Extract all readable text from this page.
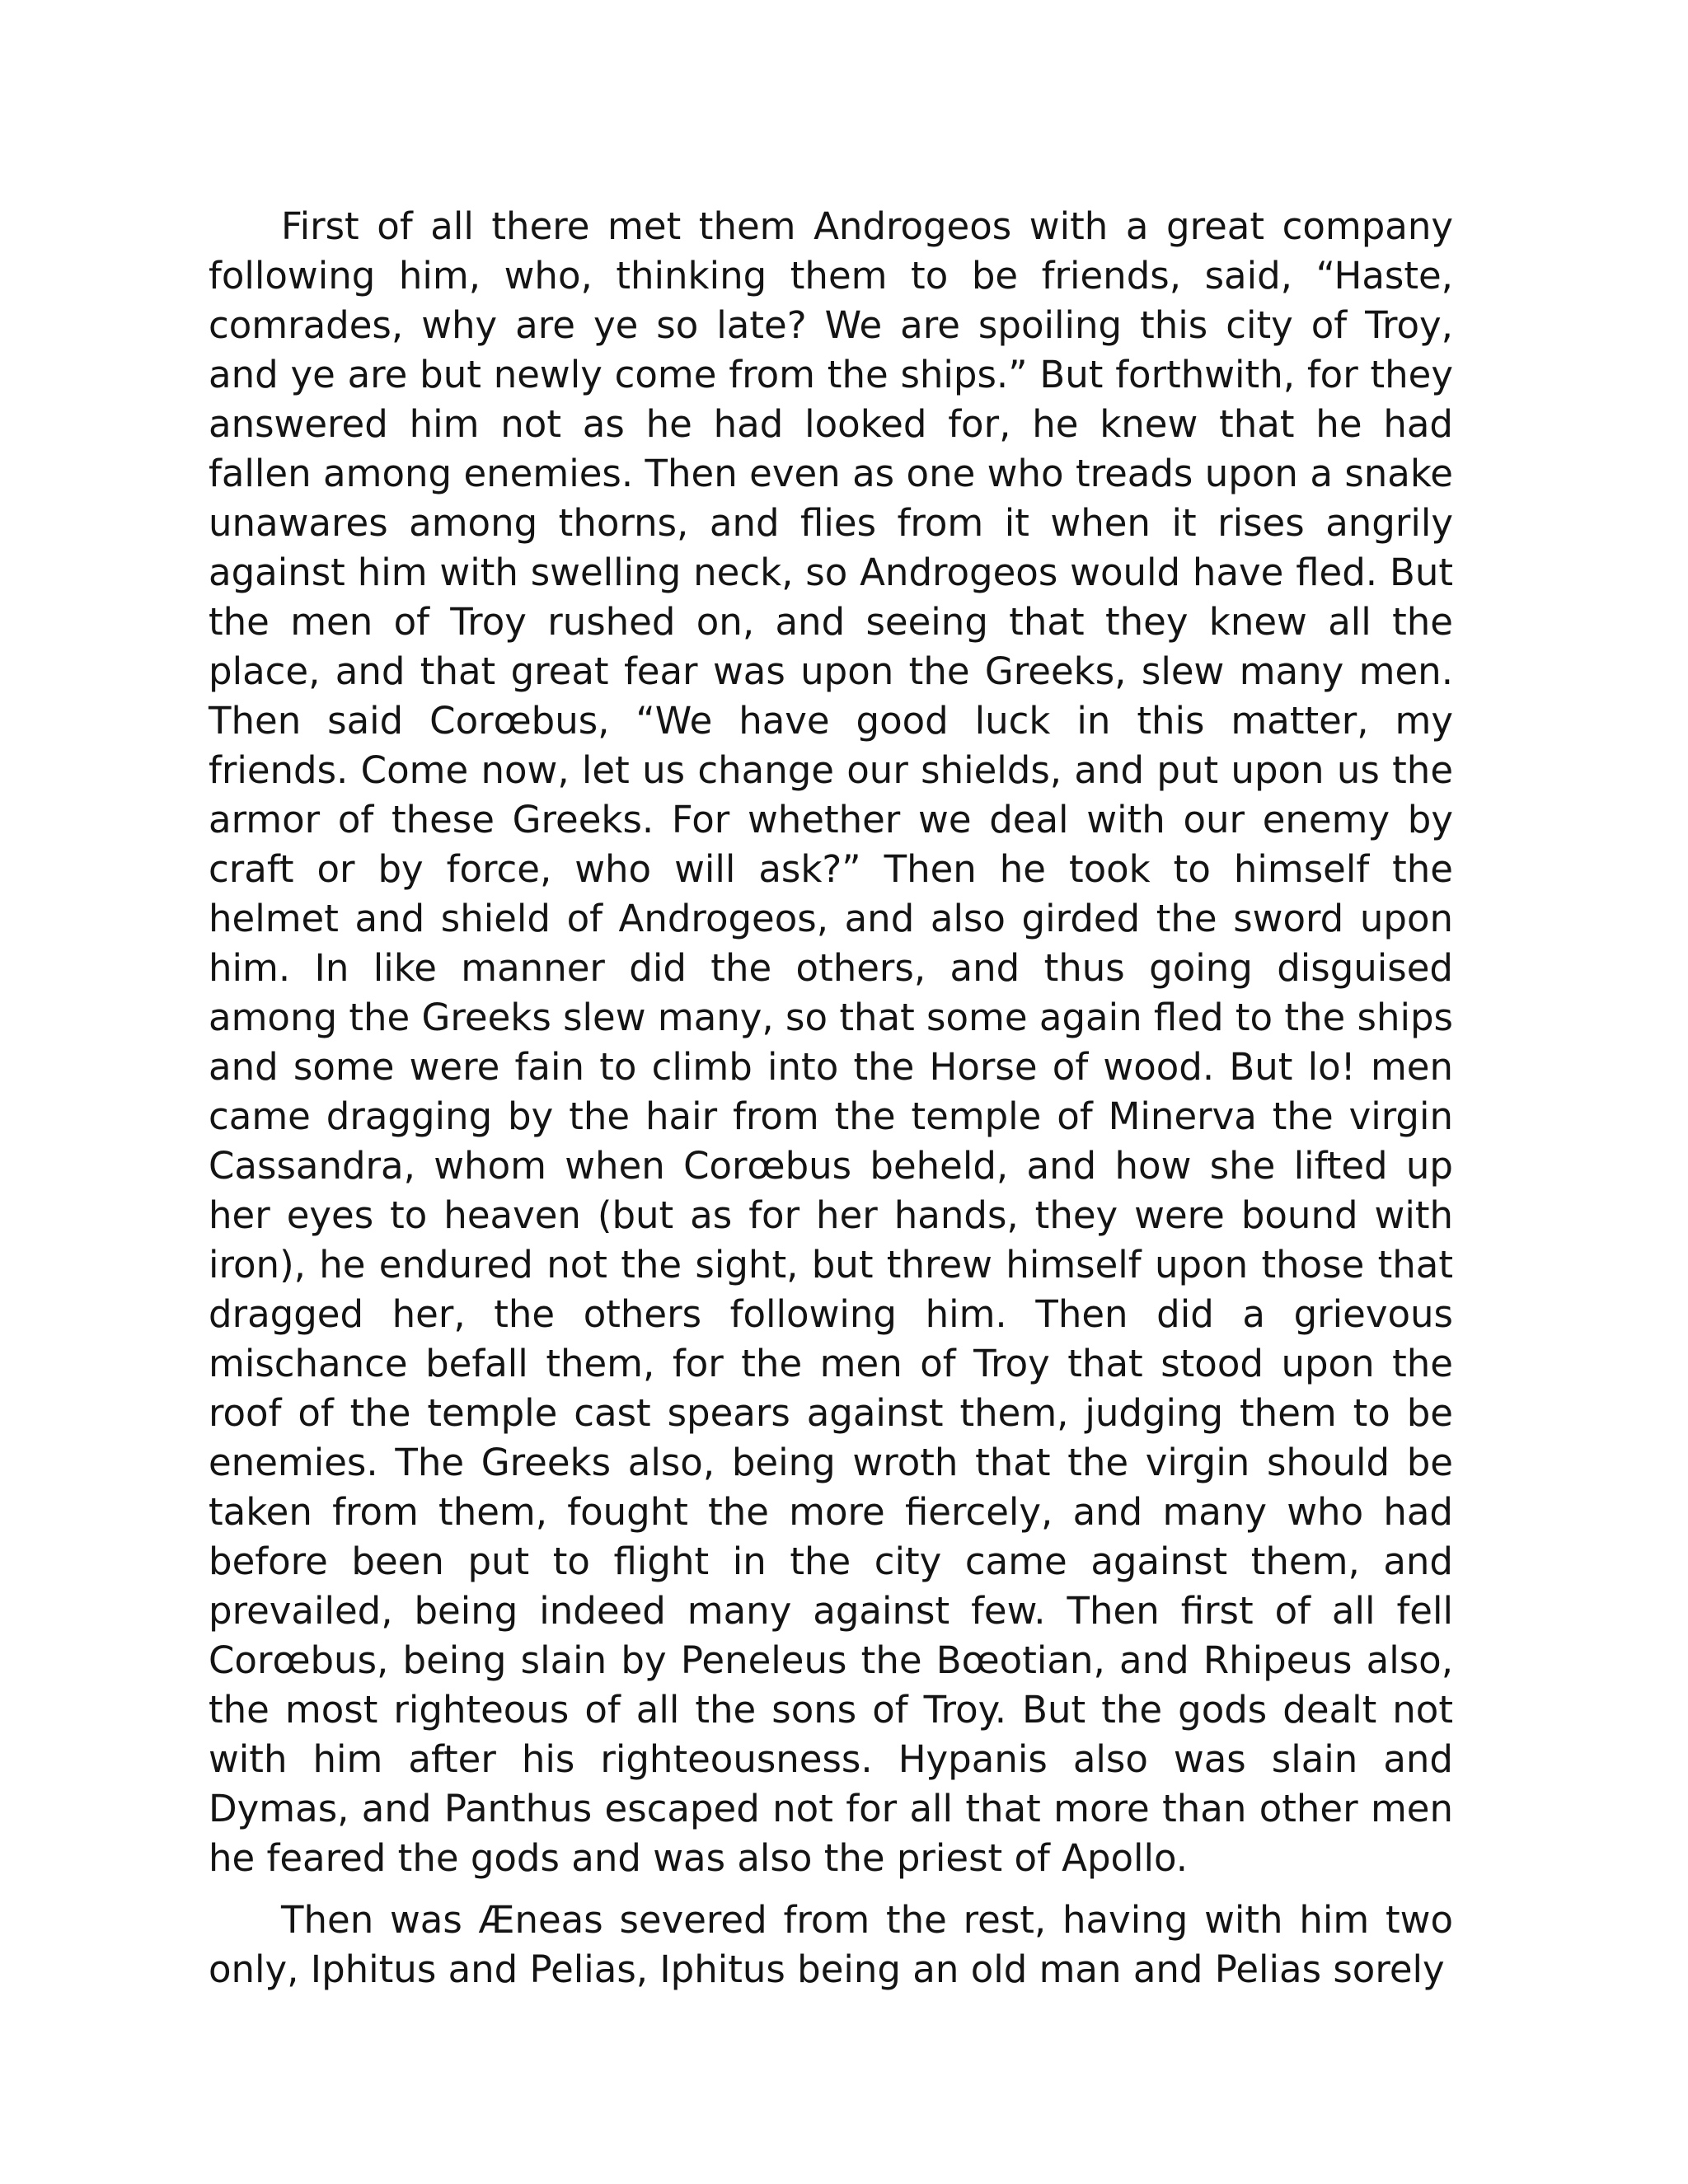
First of all there met them Androgeos with a great company following him, who, thinking them to be friends, said, “Haste, comrades, why are ye so late? We are spoiling this city of Troy, and ye are but newly come from the ships.” But forthwith, for they answered him not as he had looked for, he knew that he had fallen among enemies. Then even as one who treads upon a snake unawares among thorns, and flies from it when it rises angrily against him with swelling neck, so Androgeos would have fled. But the men of Troy rushed on, and seeing that they knew all the place, and that great fear was upon the Greeks, slew many men. Then said Corœbus, “We have good luck in this matter, my friends. Come now, let us change our shields, and put upon us the armor of these Greeks. For whether we deal with our enemy by craft or by force, who will ask?” Then he took to himself the helmet and shield of Androgeos, and also girded the sword upon him. In like manner did the others, and thus going disguised among the Greeks slew many, so that some again fled to the ships and some were fain to climb into the Horse of wood. But lo! men came dragging by the hair from the temple of Minerva the virgin Cassandra, whom when Corœbus beheld, and how she lifted up her eyes to heaven (but as for her hands, they were bound with iron), he endured not the sight, but threw himself upon those that dragged her, the others following him. Then did a grievous mischance befall them, for the men of Troy that stood upon the roof of the temple cast spears against them, judging them to be enemies. The Greeks also, being wroth that the virgin should be taken from them, fought the more fiercely, and many who had before been put to flight in the city came against them, and prevailed, being indeed many against few. Then first of all fell Corœbus, being slain by Peneleus the Bœotian, and Rhipeus also, the most righteous of all the sons of Troy. But the gods dealt not with him after his righteousness. Hypanis also was slain and Dymas, and Panthus escaped not for all that more than other men he feared the gods and was also the priest of Apollo.

Then was Æneas severed from the rest, having with him two only, Iphitus and Pelias, Iphitus being an old man and Pelias sorely
